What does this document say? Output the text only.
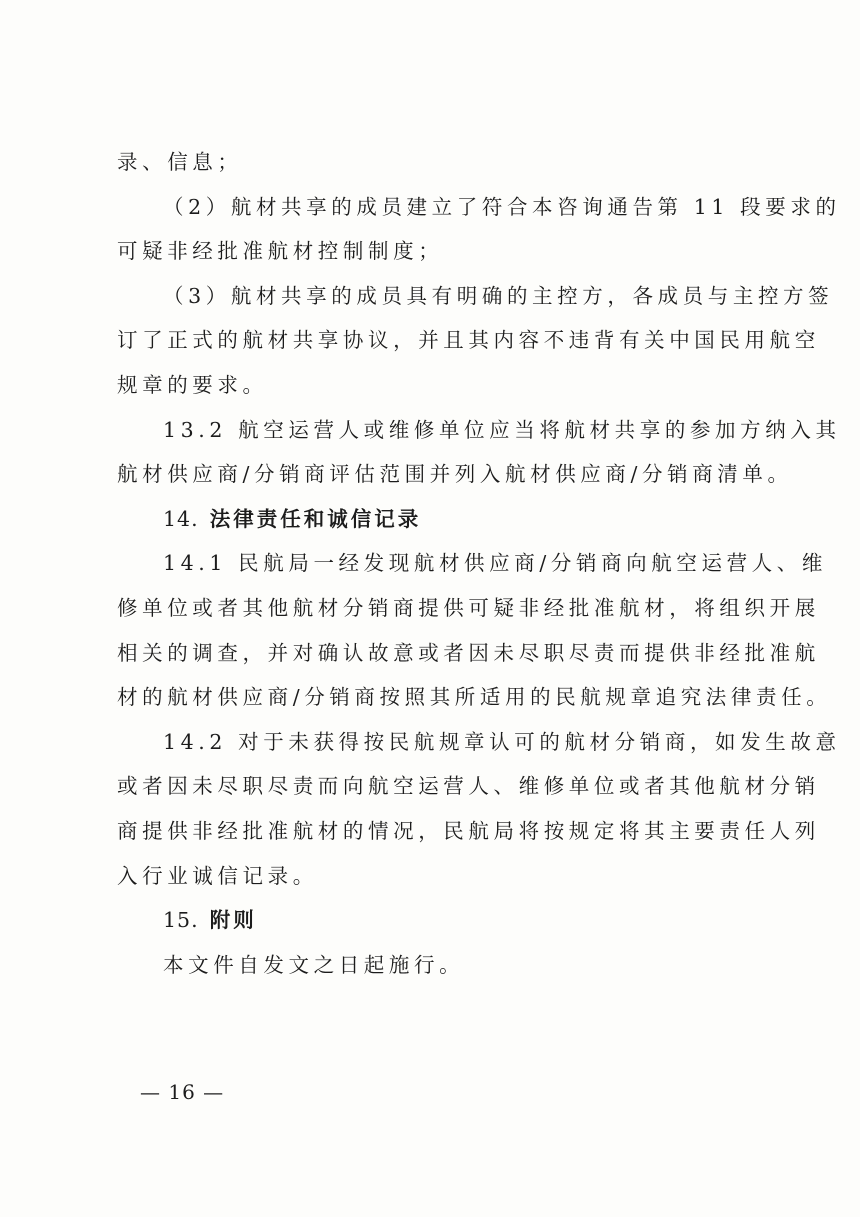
录、信息；
（2）航材共享的成员建立了符合本咨询通告第 11 段要求的
可疑非经批准航材控制制度；
（3）航材共享的成员具有明确的主控方，各成员与主控方签
订了正式的航材共享协议，并且其内容不违背有关中国民用航空
规章的要求。
13.2 航空运营人或维修单位应当将航材共享的参加方纳入其
航材供应商/分销商评估范围并列入航材供应商/分销商清单。
14. 法律责任和诚信记录
14.1 民航局一经发现航材供应商/分销商向航空运营人、维
修单位或者其他航材分销商提供可疑非经批准航材，将组织开展
相关的调查，并对确认故意或者因未尽职尽责而提供非经批准航
材的航材供应商/分销商按照其所适用的民航规章追究法律责任。
14.2 对于未获得按民航规章认可的航材分销商，如发生故意
或者因未尽职尽责而向航空运营人、维修单位或者其他航材分销
商提供非经批准航材的情况，民航局将按规定将其主要责任人列
入行业诚信记录。
15. 附则
本文件自发文之日起施行。
— 16 —
